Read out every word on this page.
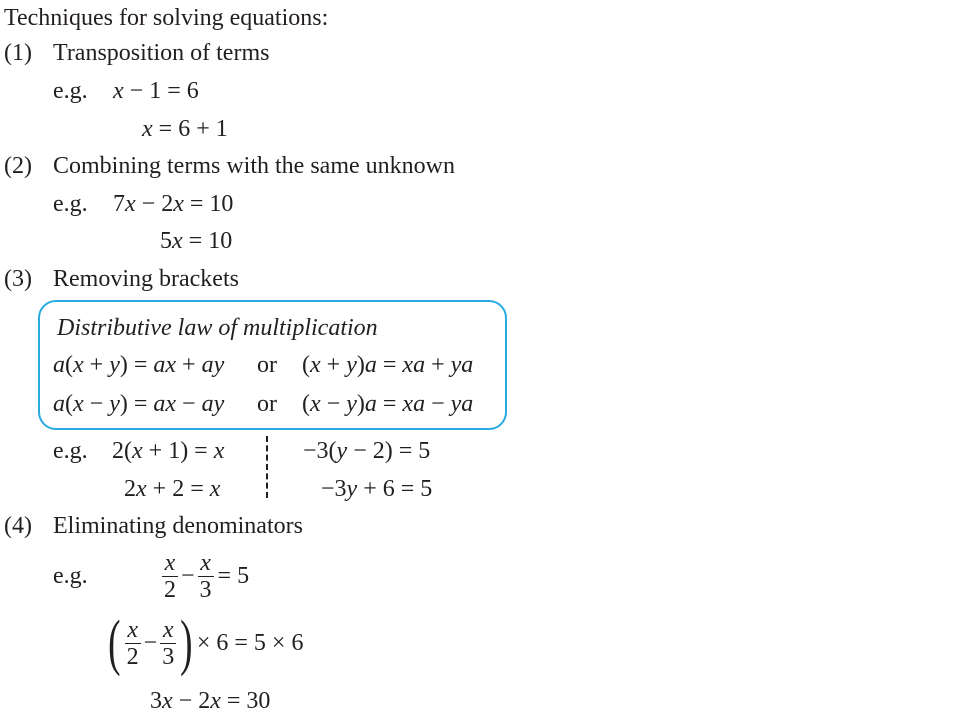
Techniques for solving equations:
(1) Transposition of terms
e.g. x − 1 = 6
x = 6 + 1
(2) Combining terms with the same unknown
e.g. 7x − 2x = 10
5x = 10
(3) Removing brackets
Distributive law of multiplication
a(x + y) = ax + ay or (x + y)a = xa + ya
a(x − y) = ax − ay or (x − y)a = xa − ya
e.g. 2(x + 1) = x
2x + 2 = x
−3(y − 2) = 5
−3y + 6 = 5
(4) Eliminating denominators
e.g.	$\frac{x}{2} - \frac{x}{3} = 5$
( $\frac{x}{2} - \frac{x}{3}$ ) × 6 = 5 × 6
3x − 2x = 30
